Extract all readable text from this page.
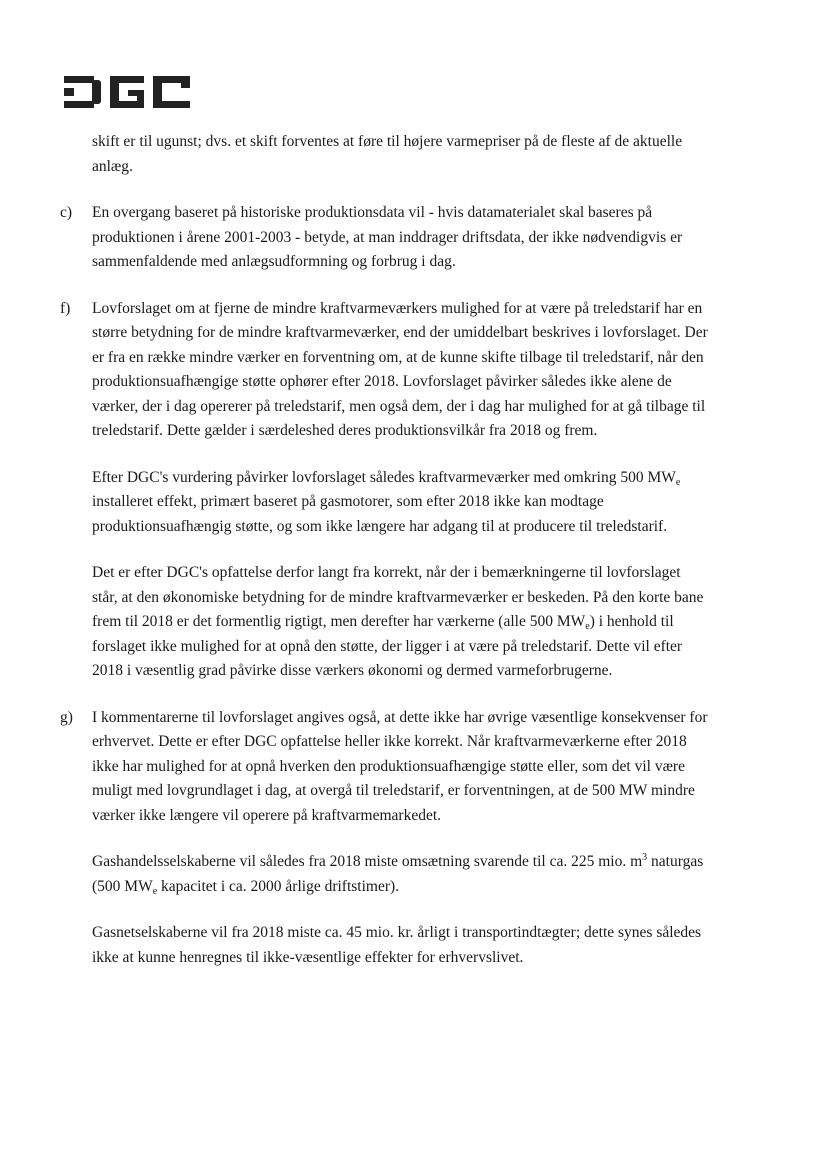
skift er til ugunst; dvs. et skift forventes at føre til højere varmepriser på de fleste af de aktuelle anlæg.

c) En overgang baseret på historiske produktionsdata vil - hvis datamaterialet skal baseres på produktionen i årene 2001-2003 - betyde, at man inddrager driftsdata, der ikke nødvendigvis er sammenfaldende med anlægsudformning og forbrug i dag.

f) Lovforslaget om at fjerne de mindre kraftvarmeværkers mulighed for at være på treledstarif har en større betydning for de mindre kraftvarmeværker, end der umiddelbart beskrives i lovforslaget. Der er fra en række mindre værker en forventning om, at de kunne skifte tilbage til treledstarif, når den produktionsuafhængige støtte ophører efter 2018. Lovforslaget påvirker således ikke alene de værker, der i dag opererer på treledstarif, men også dem, der i dag har mulighed for at gå tilbage til treledstarif. Dette gælder i særdeleshed deres produktionsvilkår fra 2018 og frem.

Efter DGC's vurdering påvirker lovforslaget således kraftvarmeværker med omkring 500 $MW_e$ installeret effekt, primært baseret på gasmotorer, som efter 2018 ikke kan modtage produktionsuafhængig støtte, og som ikke længere har adgang til at producere til treledstarif.

Det er efter DGC's opfattelse derfor langt fra korrekt, når der i bemærkningerne til lovforslaget står, at den økonomiske betydning for de mindre kraftvarmeværker er beskeden. På den korte bane frem til 2018 er det formentlig rigtigt, men derefter har værkerne (alle 500 $MW_e$) i henhold til forslaget ikke mulighed for at opnå den støtte, der ligger i at være på treledstarif. Dette vil efter 2018 i væsentlig grad påvirke disse værkers økonomi og dermed varmeforbrugerne.

g) I kommentarerne til lovforslaget angives også, at dette ikke har øvrige væsentlige konsekvenser for erhvervet. Dette er efter DGC opfattelse heller ikke korrekt. Når kraftvarmeværkerne efter 2018 ikke har mulighed for at opnå hverken den produktionsuafhængige støtte eller, som det vil være muligt med lovgrundlaget i dag, at overgå til treledstarif, er forventningen, at de 500 MW mindre værker ikke længere vil operere på kraftvarmemarkedet.

Gashandelsselskaberne vil således fra 2018 miste omsætning svarende til ca. 225 mio. $m^3$ naturgas (500 $MW_e$ kapacitet i ca. 2000 årlige driftstimer).

Gasnetselskaberne vil fra 2018 miste ca. 45 mio. kr. årligt i transportindtægter; dette synes således ikke at kunne henregnes til ikke-væsentlige effekter for erhvervslivet.
